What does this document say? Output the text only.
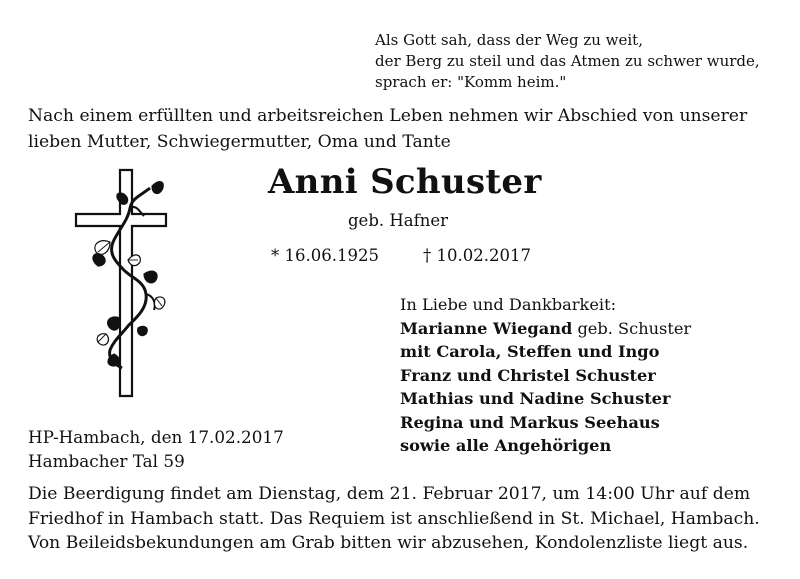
Als Gott sah, dass der Weg zu weit,
der Berg zu steil und das Atmen zu schwer wurde,
sprach er: "Komm heim."
Nach einem erfüllten und arbeitsreichen Leben nehmen wir Abschied von unserer
lieben Mutter, Schwiegermutter, Oma und Tante
Anni Schuster
geb. Hafner
* 16.06.1925	† 10.02.2017
In Liebe und Dankbarkeit:
Marianne Wiegand geb. Schuster
mit Carola, Steffen und Ingo
Franz und Christel Schuster
Mathias und Nadine Schuster
Regina und Markus Seehaus
sowie alle Angehörigen
HP-Hambach, den 17.02.2017
Hambacher Tal 59
Die Beerdigung findet am Dienstag, dem 21. Februar 2017, um 14:00 Uhr auf dem
Friedhof in Hambach statt. Das Requiem ist anschließend in St. Michael, Hambach.
Von Beileidsbekundungen am Grab bitten wir abzusehen, Kondolenzliste liegt aus.
